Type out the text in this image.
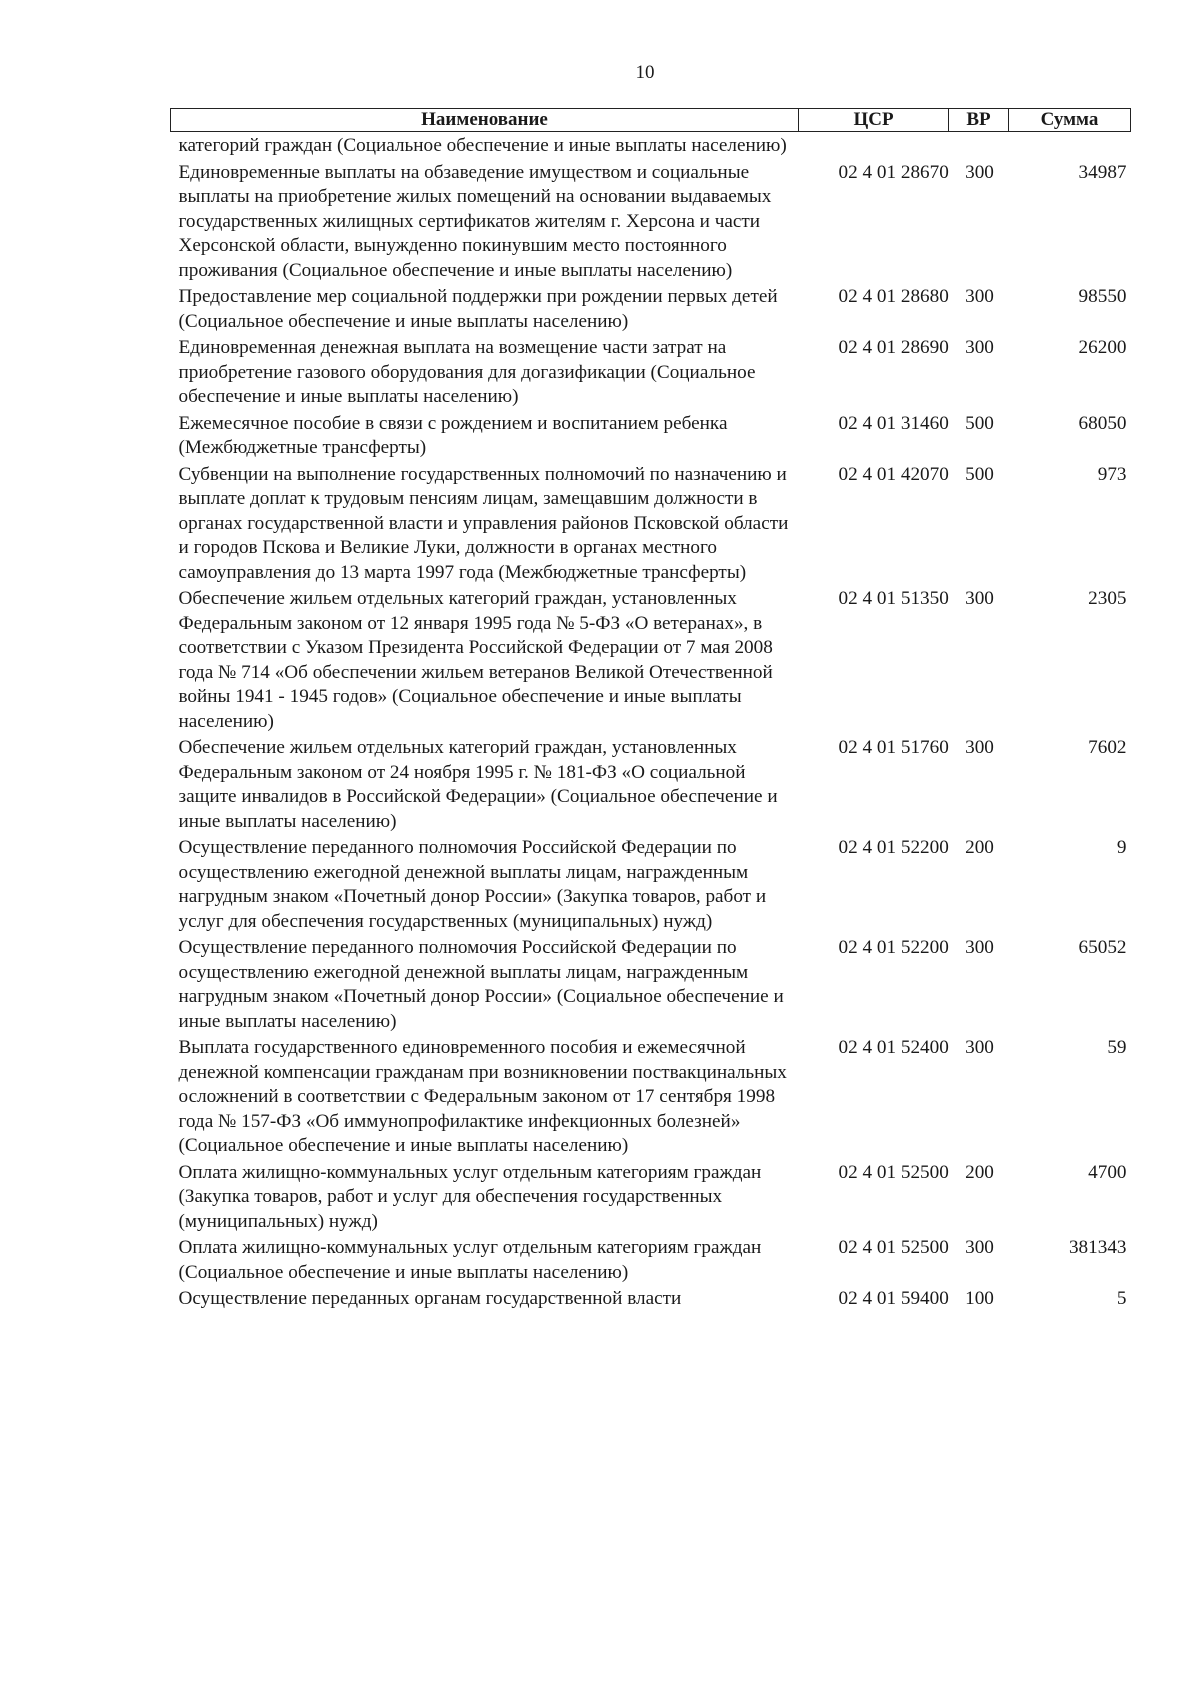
10
Наименование	ЦСР	ВР	Сумма
категорий граждан (Социальное обеспечение и иные выплаты населению)			
Единовременные выплаты на обзаведение имуществом и социальные выплаты на приобретение жилых помещений на основании выдаваемых государственных жилищных сертификатов жителям г. Херсона и части Херсонской области, вынужденно покинувшим место постоянного проживания (Социальное обеспечение и иные выплаты населению)	02 4 01 28670	300	34987
Предоставление мер социальной поддержки при рождении первых детей (Социальное обеспечение и иные выплаты населению)	02 4 01 28680	300	98550
Единовременная денежная выплата на возмещение части затрат на приобретение газового оборудования для догазификации (Социальное обеспечение и иные выплаты населению)	02 4 01 28690	300	26200
Ежемесячное пособие в связи с рождением и воспитанием ребенка (Межбюджетные трансферты)	02 4 01 31460	500	68050
Субвенции на выполнение государственных полномочий по назначению и выплате доплат к трудовым пенсиям лицам, замещавшим должности в органах государственной власти и управления районов Псковской области и городов Пскова и Великие Луки, должности в органах местного самоуправления до 13 марта 1997 года (Межбюджетные трансферты)	02 4 01 42070	500	973
Обеспечение жильем отдельных категорий граждан, установленных Федеральным законом от 12 января 1995 года № 5-ФЗ «О ветеранах», в соответствии с Указом Президента Российской Федерации от 7 мая 2008 года № 714 «Об обеспечении жильем ветеранов Великой Отечественной войны 1941 - 1945 годов» (Социальное обеспечение и иные выплаты населению)	02 4 01 51350	300	2305
Обеспечение жильем отдельных категорий граждан, установленных Федеральным законом от 24 ноября 1995 г. № 181-ФЗ «О социальной защите инвалидов в Российской Федерации» (Социальное обеспечение и иные выплаты населению)	02 4 01 51760	300	7602
Осуществление переданного полномочия Российской Федерации по осуществлению ежегодной денежной выплаты лицам, награжденным нагрудным знаком «Почетный донор России» (Закупка товаров, работ и услуг для обеспечения государственных (муниципальных) нужд)	02 4 01 52200	200	9
Осуществление переданного полномочия Российской Федерации по осуществлению ежегодной денежной выплаты лицам, награжденным нагрудным знаком «Почетный донор России» (Социальное обеспечение и иные выплаты населению)	02 4 01 52200	300	65052
Выплата государственного единовременного пособия и ежемесячной денежной компенсации гражданам при возникновении поствакцинальных осложнений в соответствии с Федеральным законом от 17 сентября 1998 года № 157-ФЗ «Об иммунопрофилактике инфекционных болезней» (Социальное обеспечение и иные выплаты населению)	02 4 01 52400	300	59
Оплата жилищно-коммунальных услуг отдельным категориям граждан (Закупка товаров, работ и услуг для обеспечения государственных (муниципальных) нужд)	02 4 01 52500	200	4700
Оплата жилищно-коммунальных услуг отдельным категориям граждан (Социальное обеспечение и иные выплаты населению)	02 4 01 52500	300	381343
Осуществление переданных органам государственной власти	02 4 01 59400	100	5
